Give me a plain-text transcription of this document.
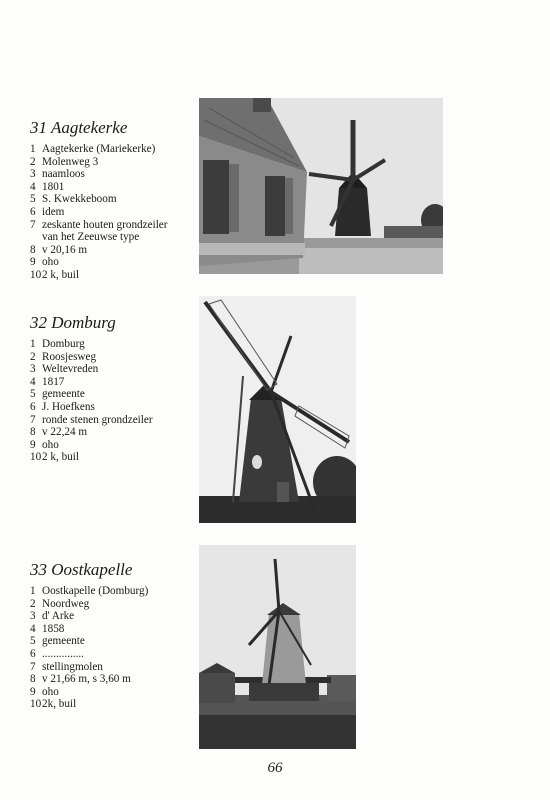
31 Aagtekerke
1 Aagtekerke (Mariekerke)
2 Molenweg 3
3 naamloos
4 1801
5 S. Kwekkeboom
6 idem
7 zeskante houten grondzeiler
van het Zeeuwse type
8 v 20,16 m
9 oho
10 2 k, buil
32 Domburg
1 Domburg
2 Roosjesweg
3 Weltevreden
4 1817
5 gemeente
6 J. Hoefkens
7 ronde stenen grondzeiler
8 v 22,24 m
9 oho
10 2 k, buil
33 Oostkapelle
1 Oostkapelle (Domburg)
2 Noordweg
3 d' Arke
4 1858
5 gemeente
6 ...............
7 stellingmolen
8 v 21,66 m, s 3,60 m
9 oho
10 2k, buil
66
